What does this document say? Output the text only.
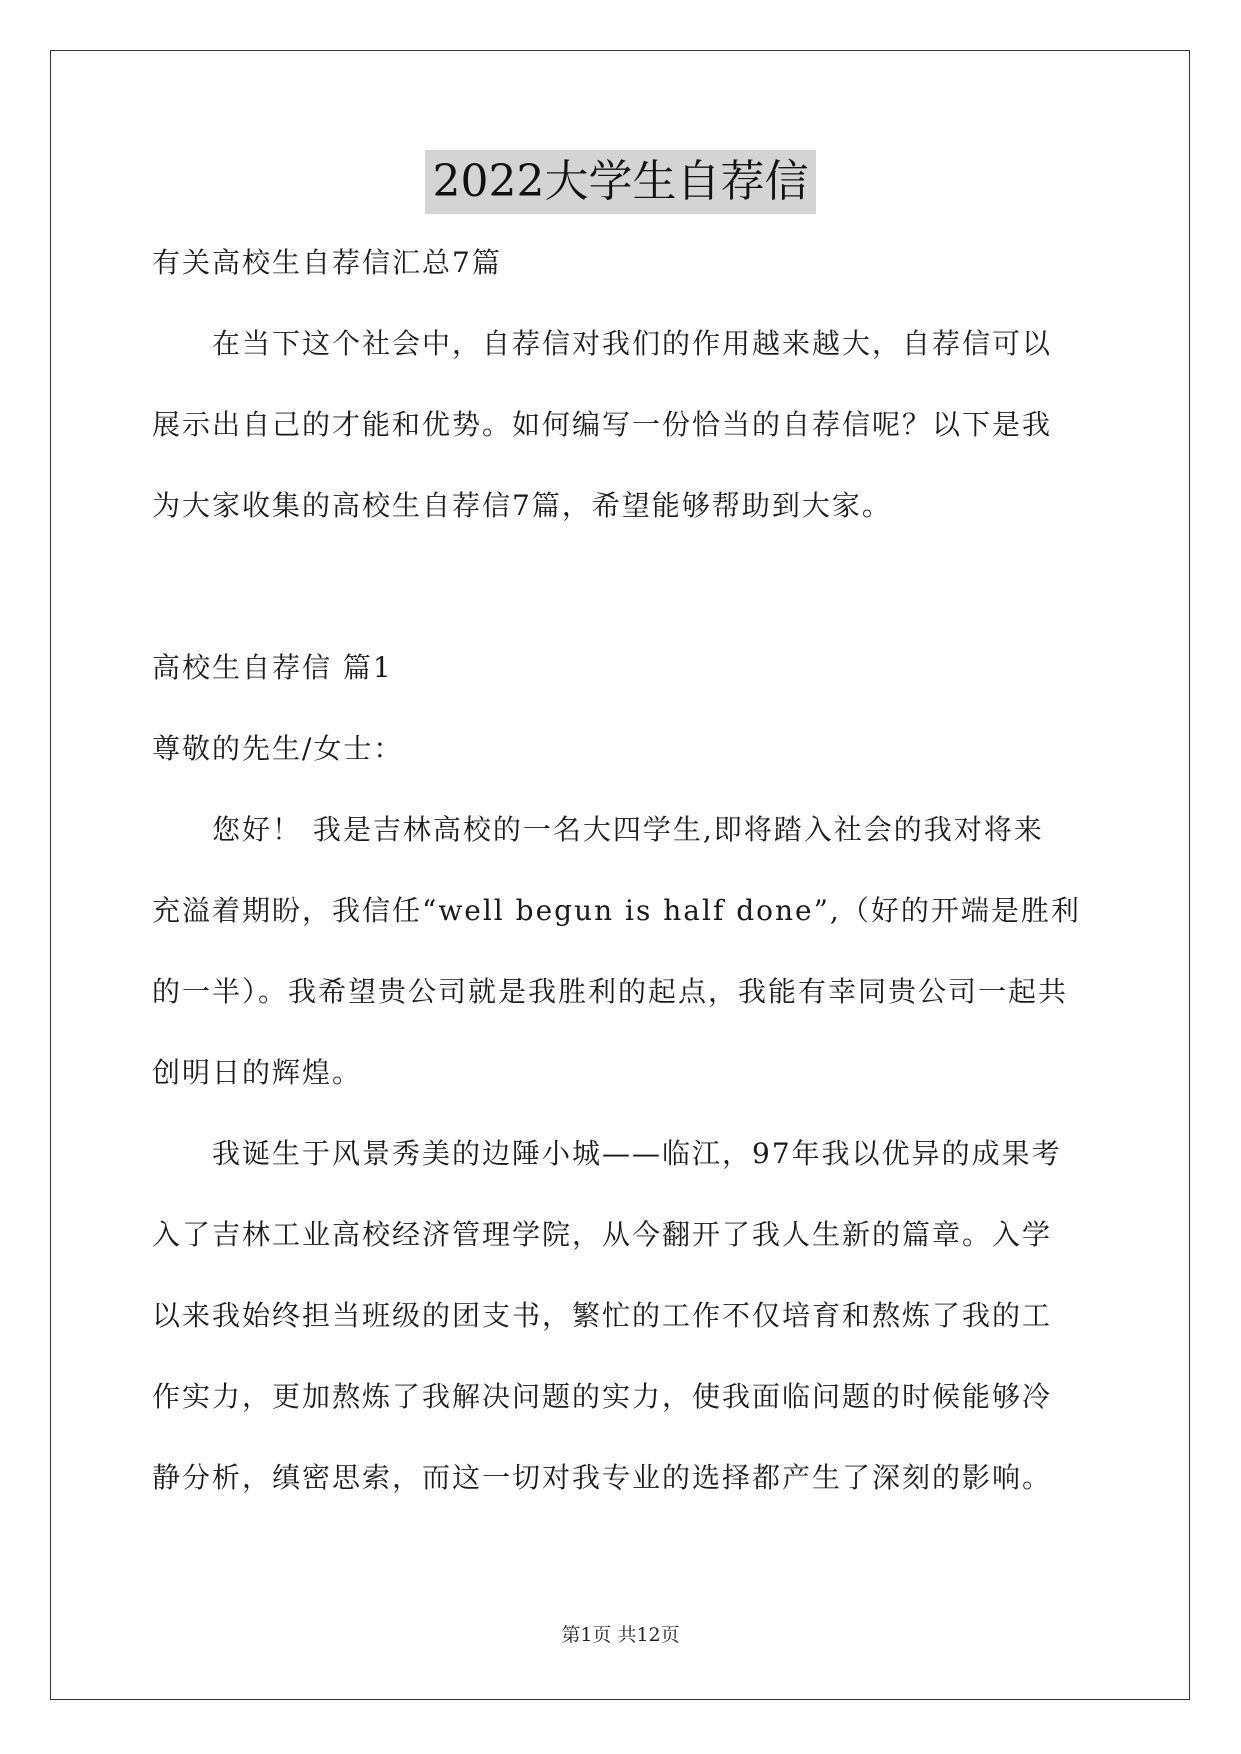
2022大学生自荐信
有关高校生自荐信汇总7篇
在当下这个社会中，自荐信对我们的作用越来越大，自荐信可以
展示出自己的才能和优势。如何编写一份恰当的自荐信呢？以下是我
为大家收集的高校生自荐信7篇，希望能够帮助到大家。
高校生自荐信 篇1
尊敬的先生/女士：
您好！ 我是吉林高校的一名大四学生,即将踏入社会的我对将来
充溢着期盼，我信任“well begun is half done”,（好的开端是胜利
的一半）。我希望贵公司就是我胜利的起点，我能有幸同贵公司一起共
创明日的辉煌。
我诞生于风景秀美的边陲小城——临江，97年我以优异的成果考
入了吉林工业高校经济管理学院，从今翻开了我人生新的篇章。入学
以来我始终担当班级的团支书，繁忙的工作不仅培育和熬炼了我的工
作实力，更加熬炼了我解决问题的实力，使我面临问题的时候能够冷
静分析，缜密思索，而这一切对我专业的选择都产生了深刻的影响。
第1页 共12页
